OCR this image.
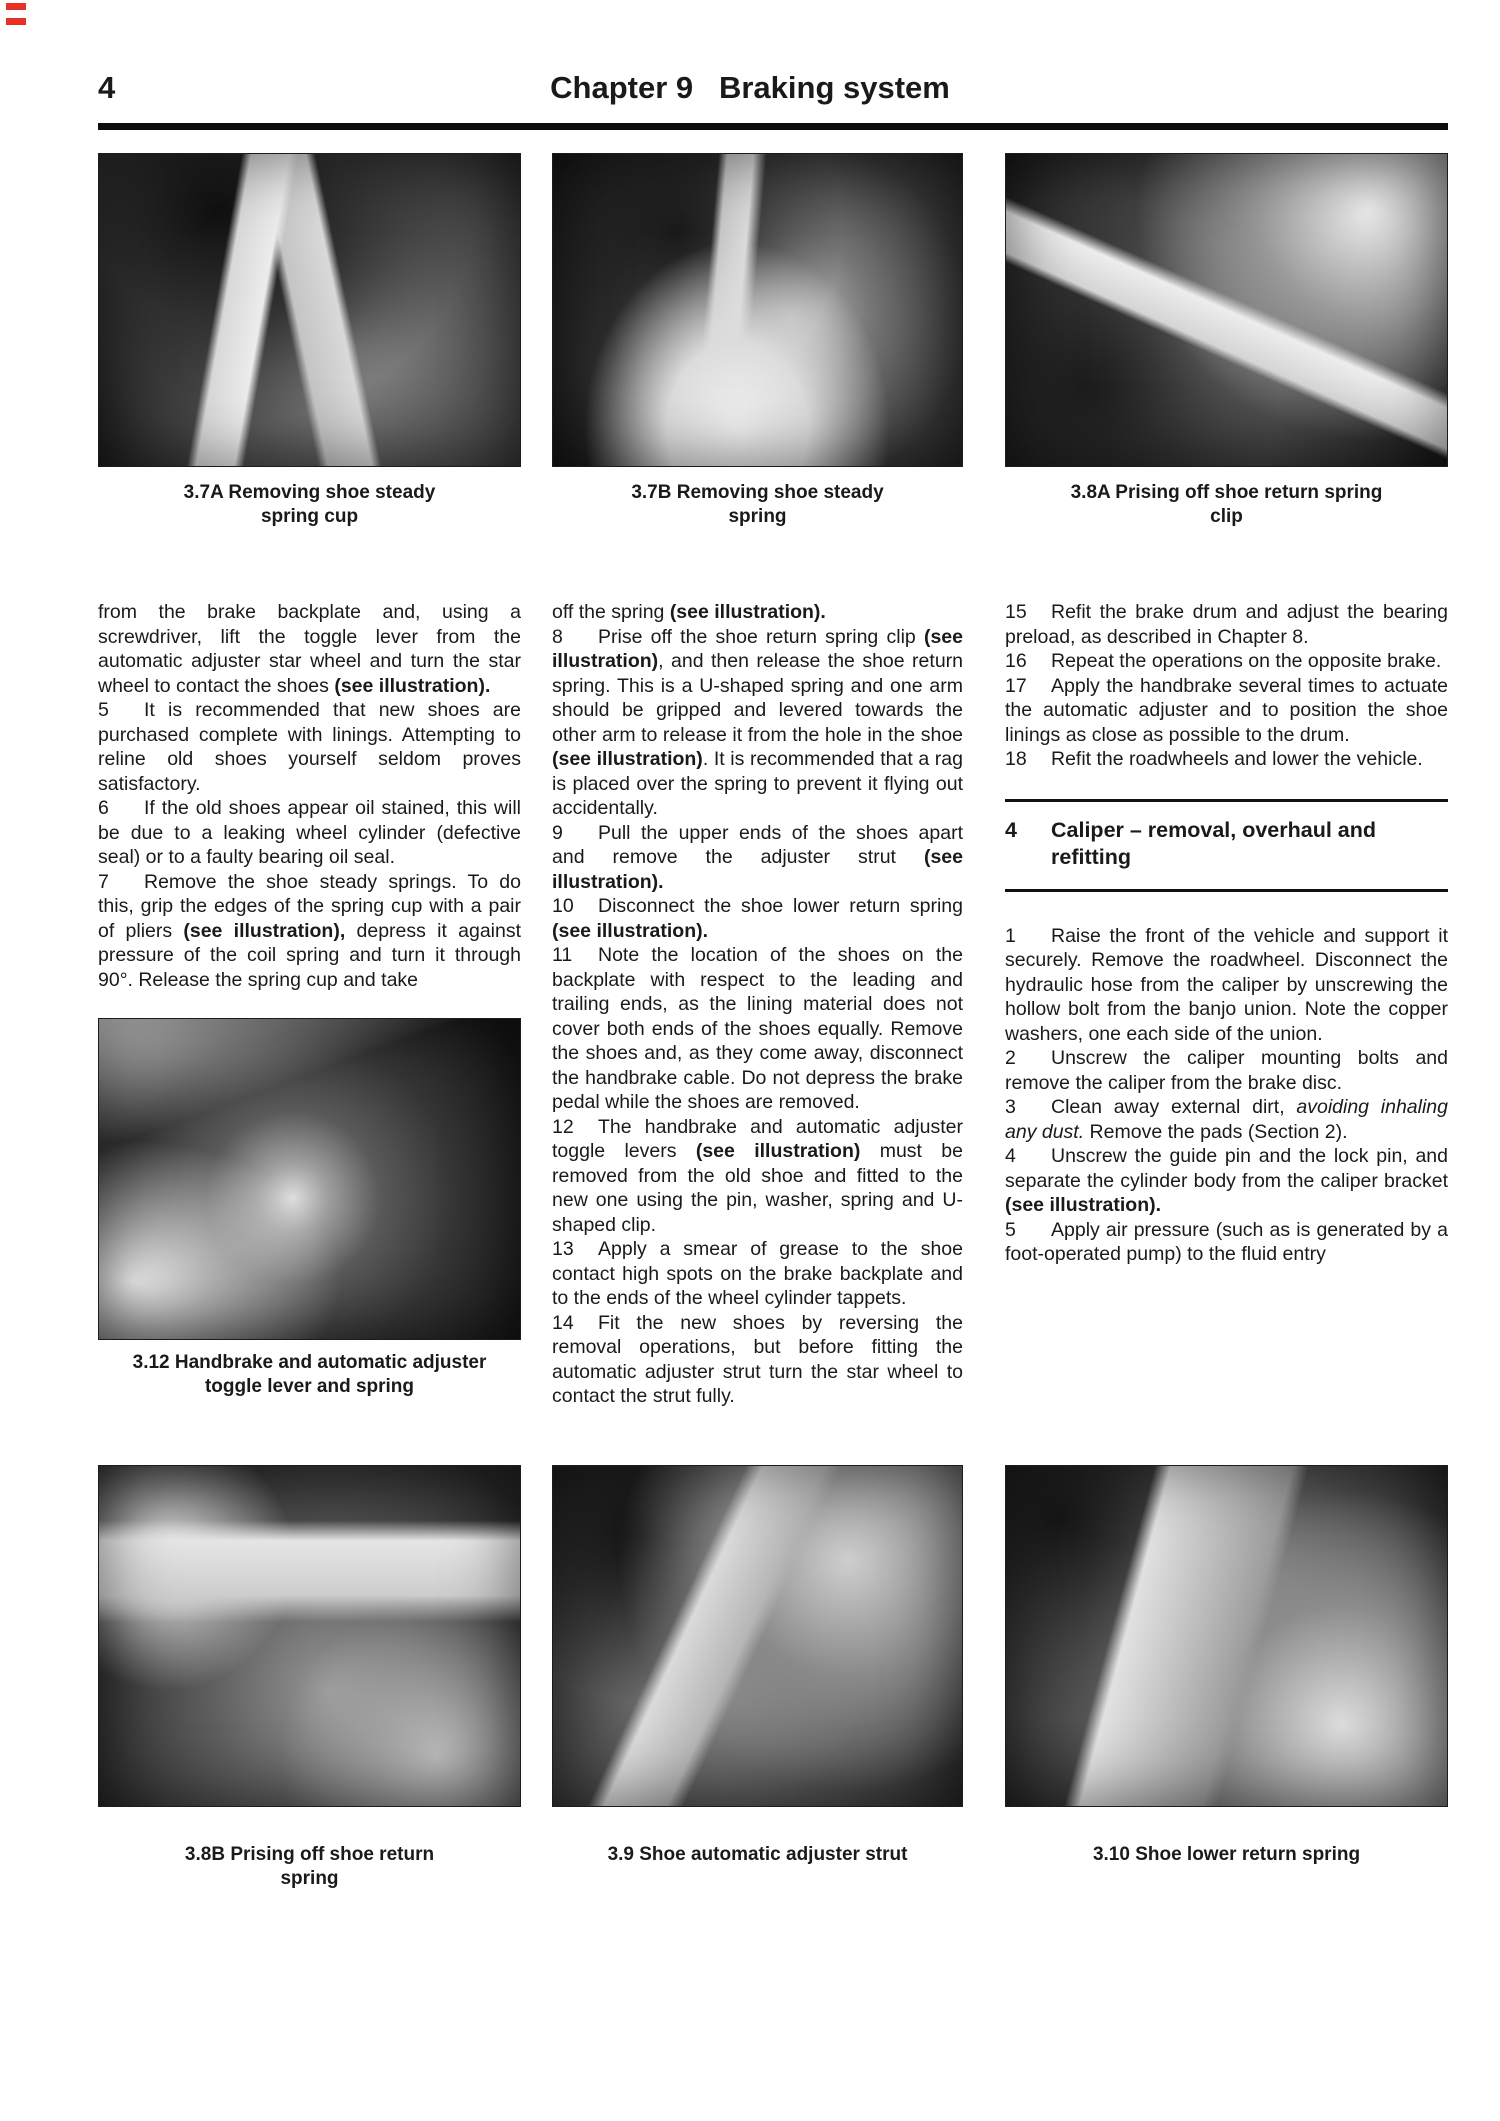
4	Chapter 9   Braking system
3.7A Removing shoe steady
spring cup
3.7B Removing shoe steady
spring
3.8A Prising off shoe return spring
clip
3.12 Handbrake and automatic adjuster
toggle lever and spring
3.8B Prising off shoe return
spring
3.9 Shoe automatic adjuster strut	3.10 Shoe lower return spring

from the brake backplate and, using a screwdriver, lift the toggle lever from the automatic adjuster star wheel and turn the star wheel to contact the shoes (see illustration).

5 It is recommended that new shoes are purchased complete with linings. Attempting to reline old shoes yourself seldom proves satisfactory.

6 If the old shoes appear oil stained, this will be due to a leaking wheel cylinder (defective seal) or to a faulty bearing oil seal.

7 Remove the shoe steady springs. To do this, grip the edges of the spring cup with a pair of pliers (see illustration), depress it against pressure of the coil spring and turn it through 90°. Release the spring cup and take

off the spring (see illustration).

8 Prise off the shoe return spring clip (see illustration), and then release the shoe return spring. This is a U-shaped spring and one arm should be gripped and levered towards the other arm to release it from the hole in the shoe (see illustration). It is recommended that a rag is placed over the spring to prevent it flying out accidentally.

9 Pull the upper ends of the shoes apart and remove the adjuster strut (see illustration).

10 Disconnect the shoe lower return spring (see illustration).

11 Note the location of the shoes on the backplate with respect to the leading and trailing ends, as the lining material does not cover both ends of the shoes equally. Remove the shoes and, as they come away, disconnect the handbrake cable. Do not depress the brake pedal while the shoes are removed.

12 The handbrake and automatic adjuster toggle levers (see illustration) must be removed from the old shoe and fitted to the new one using the pin, washer, spring and U-shaped clip.

13 Apply a smear of grease to the shoe contact high spots on the brake backplate and to the ends of the wheel cylinder tappets.

14 Fit the new shoes by reversing the removal operations, but before fitting the automatic adjuster strut turn the star wheel to contact the strut fully.

15 Refit the brake drum and adjust the bearing preload, as described in Chapter 8.

16 Repeat the operations on the opposite brake.

17 Apply the handbrake several times to actuate the automatic adjuster and to position the shoe linings as close as possible to the drum.

18 Refit the roadwheels and lower the vehicle.

4	Caliper – removal, overhaul and refitting

1 Raise the front of the vehicle and support it securely. Remove the roadwheel. Disconnect the hydraulic hose from the caliper by unscrewing the hollow bolt from the banjo union. Note the copper washers, one each side of the union.

2 Unscrew the caliper mounting bolts and remove the caliper from the brake disc.

3 Clean away external dirt, avoiding inhaling any dust. Remove the pads (Section 2).

4 Unscrew the guide pin and the lock pin, and separate the cylinder body from the caliper bracket (see illustration).

5 Apply air pressure (such as is generated by a foot-operated pump) to the fluid entry
